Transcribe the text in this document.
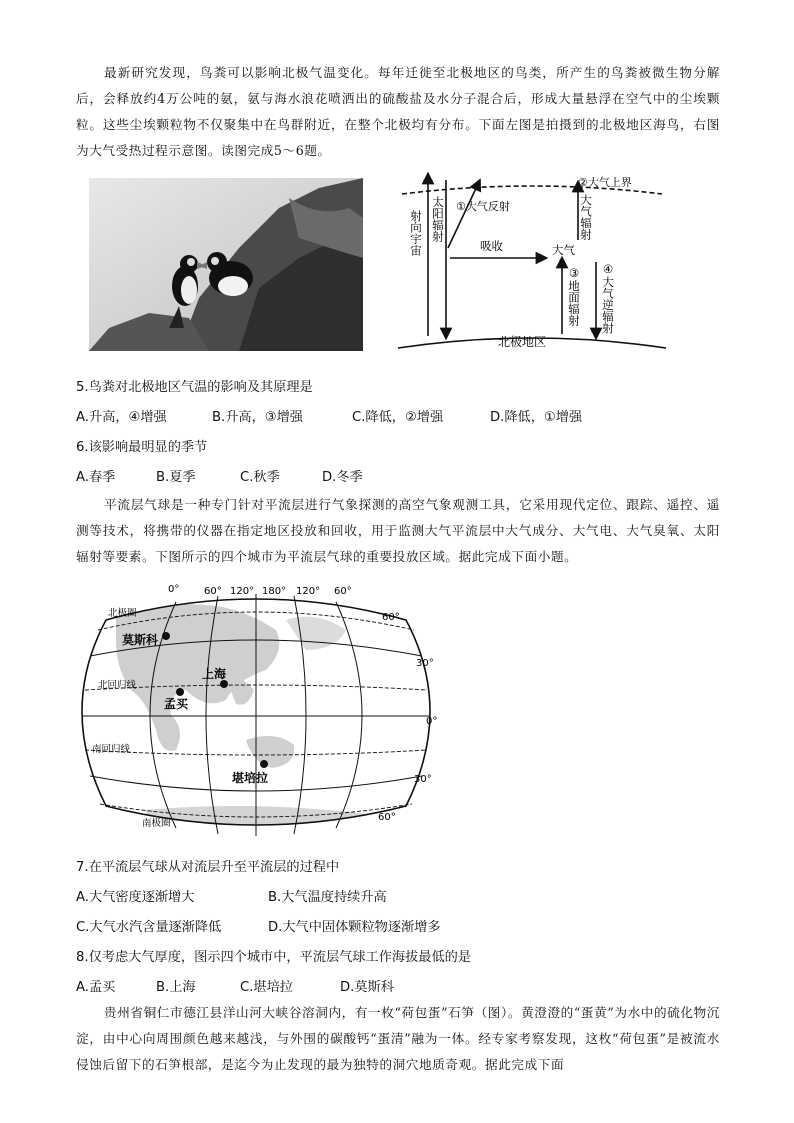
最新研究发现，鸟粪可以影响北极气温变化。每年迁徙至北极地区的鸟类，所产生的鸟粪被微生物分解后，会释放约4万公吨的氨，氨与海水浪花喷洒出的硫酸盐及水分子混合后，形成大量悬浮在空气中的尘埃颗粒。这些尘埃颗粒物不仅聚集中在鸟群附近，在整个北极均有分布。下面左图是拍摄到的北极地区海鸟，右图为大气受热过程示意图。读图完成5～6题。

射向宇宙 太阳辐射 ①大气反射
②大气上界
大气辐射
吸收	大气
③地面辐射 ④大气逆辐射
北极地区

5.鸟粪对北极地区气温的影响及其原理是

A.升高，④增强	B.升高，③增强	C.降低，②增强	D.降低，①增强

6.该影响最明显的季节

A.春季	B.夏季	C.秋季	D.冬季

平流层气球是一种专门针对平流层进行气象探测的高空气象观测工具，它采用现代定位、跟踪、遥控、遥测等技术，将携带的仪器在指定地区投放和回收，用于监测大气平流层中大气成分、大气电、大气臭氧、太阳辐射等要素。下图所示的四个城市为平流层气球的重要投放区域。据此完成下面小题。

0° 60° 120° 180° 120° 60°
60°
30°
0°
30°
60°
北极圈
北回归线
南回归线
南极圈
莫斯科
上海
孟买
堪培拉

7.在平流层气球从对流层升至平流层的过程中

A.大气密度逐渐增大	B.大气温度持续升高
C.大气水汽含量逐渐降低	D.大气中固体颗粒物逐渐增多

8.仅考虑大气厚度，图示四个城市中，平流层气球工作海拔最低的是

A.孟买	B.上海	C.堪培拉	D.莫斯科

贵州省铜仁市德江县洋山河大峡谷溶洞内，有一枚“荷包蛋”石笋（图）。黄澄澄的“蛋黄”为水中的硫化物沉淀，由中心向周围颜色越来越浅，与外围的碳酸钙“蛋清”融为一体。经专家考察发现，这枚“荷包蛋”是被流水侵蚀后留下的石笋根部，是迄今为止发现的最为独特的洞穴地质奇观。据此完成下面
